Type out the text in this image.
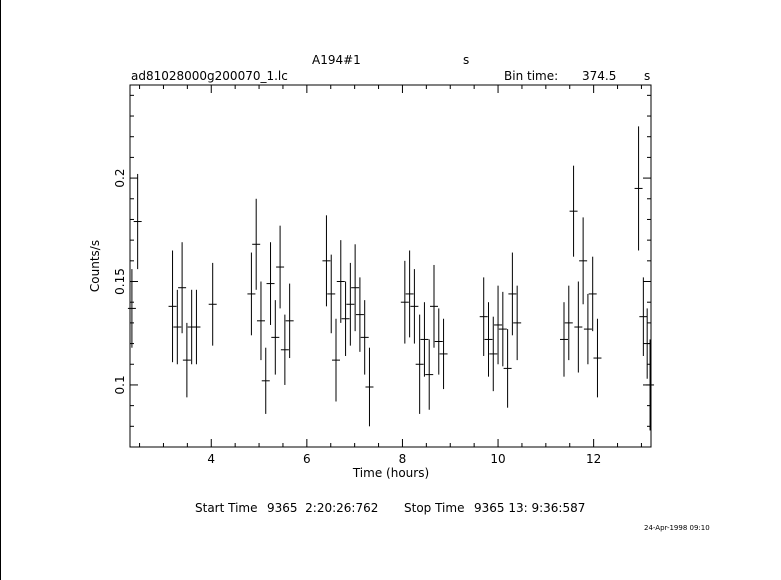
A194#1	s
ad81028000g200070_1.lc	Bin time: 374.5 s
4	6	8	10	12
0.1
0.15
0.2
Time (hours)
Counts/s
Start Time 9365  2:20:26:762 Stop Time 9365 13: 9:36:587
24-Apr-1998 09:10
